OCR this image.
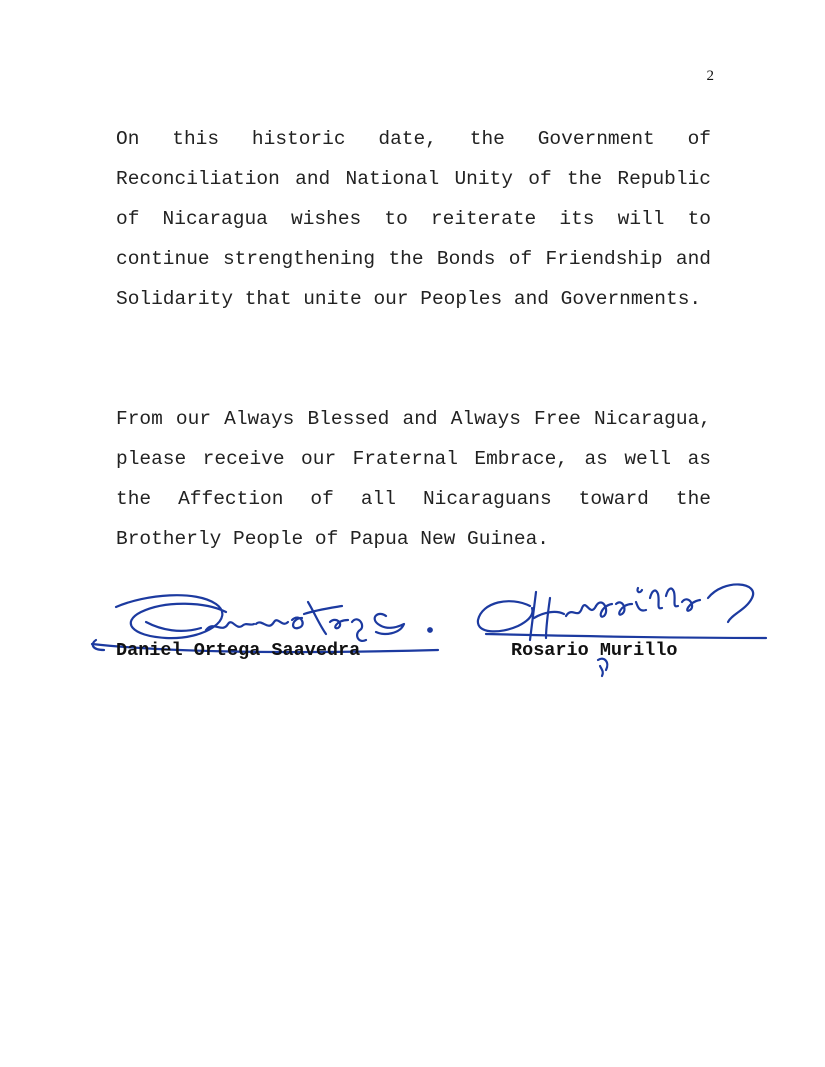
2

On this historic date, the Government of Reconciliation and National Unity of the Republic of Nicaragua wishes to reiterate its will to continue strengthening the Bonds of Friendship and Solidarity that unite our Peoples and Governments.

From our Always Blessed and Always Free Nicaragua, please receive our Fraternal Embrace, as well as the Affection of all Nicaraguans toward the Brotherly People of Papua New Guinea.

Daniel Ortega Saavedra	Rosario Murillo
